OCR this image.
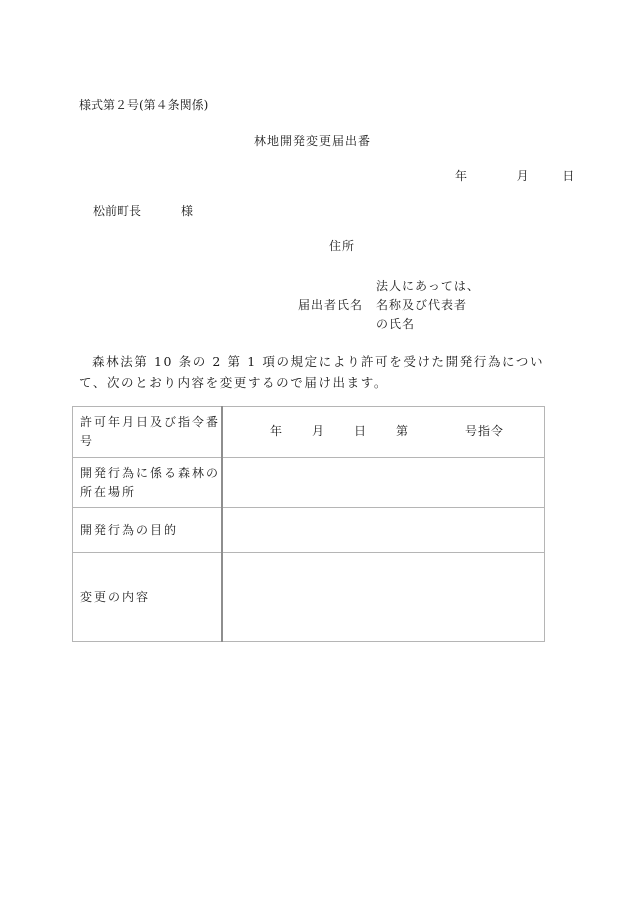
様式第２号(第４条関係)
林地開発変更届出番
年	月	日
松前町長	様
住所
届出者氏名
法人にあっては、
名称及び代表者
の氏名
森林法第 10 条の 2 第 1 項の規定により許可を受けた開発行為について、次のとおり内容を変更するので届け出ます。
許可年月日及び指令番号	年 月 日 第 号指令

開発行為に係る森林の所在場所	
開発行為の目的	
変更の内容	
